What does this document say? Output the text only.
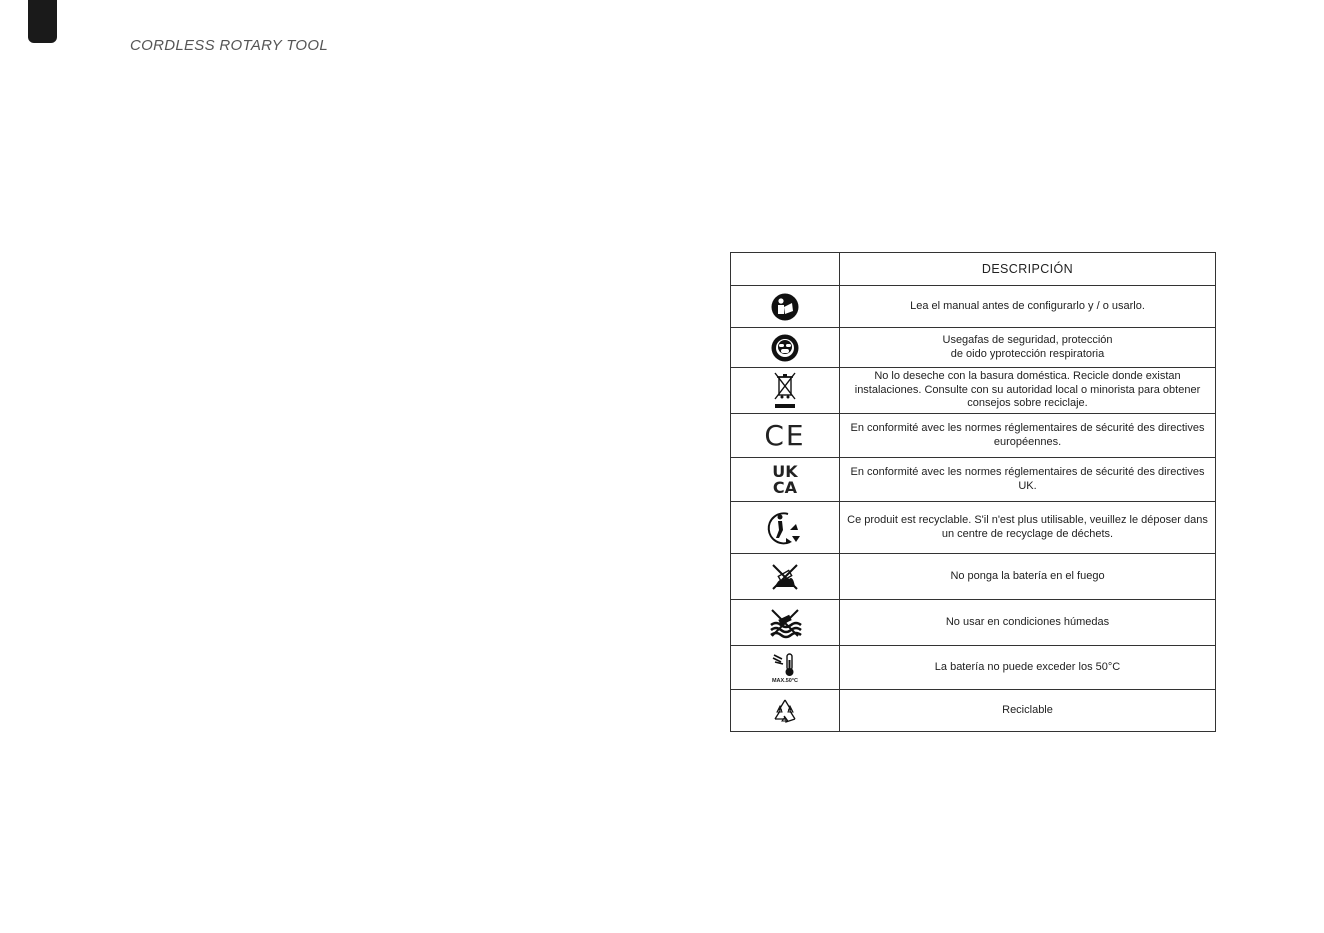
CORDLESS ROTARY TOOL
	DESCRIPCIÓN

	Lea el manual antes de configurarlo y / o usarlo.

	Usegafas de seguridad, protección
de oido yprotección respiratoria

	No lo deseche con la basura doméstica. Recicle donde existan instalaciones. Consulte con su autoridad local o minorista para obtener consejos sobre reciclaje.

CE	En conformité avec les normes réglementaires de sécurité des directives européennes.

UK
CA	En conformité avec les normes réglementaires de sécurité des directives UK.

	Ce produit est recyclable. S'il n'est plus utilisable, veuillez le déposer dans un centre de recyclage de déchets.

	No ponga la batería en el fuego

	No usar en condiciones húmedas

MAX.50°C	La batería no puede exceder los 50°C

	Reciclable
